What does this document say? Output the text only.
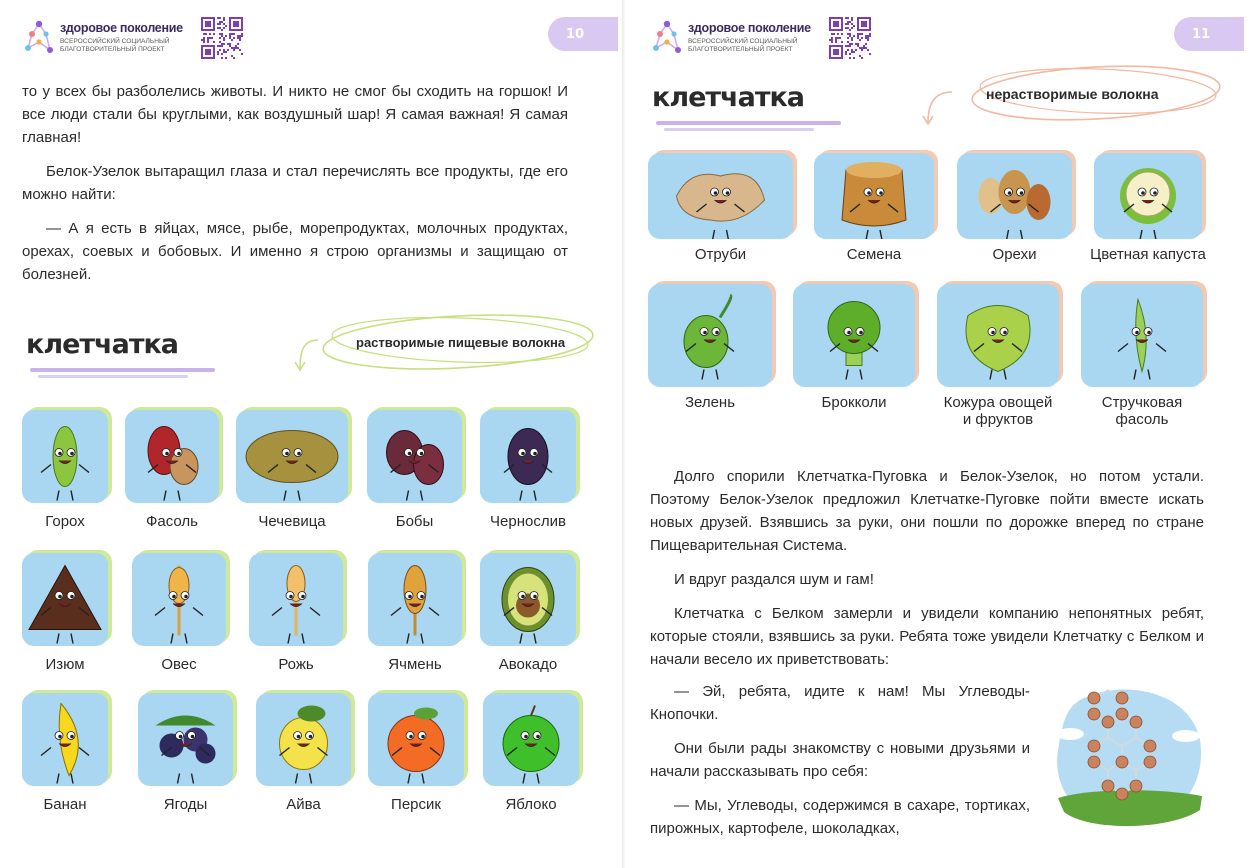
здоровое поколение
ВСЕРОССИЙСКИЙ СОЦИАЛЬНЫЙ
БЛАГОТВОРИТЕЛЬНЫЙ ПРОЕКТ
10

то у всех бы разболелись животы. И никто не смог бы сходить на горшок! И все люди стали бы круглыми, как воздушный шар! Я самая важная! Я самая главная!

Белок-Узелок вытаращил глаза и стал перечислять все продукты, где его можно найти:

— А я есть в яйцах, мясе, рыбе, морепродуктах, молочных продуктах, орехах, соевых и бобовых. И именно я строю организмы и защищаю от болезней.

клетчатка	растворимые пищевые волокна
Горох	Фасоль	Чечевица	Бобы	Чернослив
Изюм	Овес	Рожь	Ячмень	Авокадо
Банан	Ягоды	Айва	Персик	Яблоко
здоровое поколение
ВСЕРОССИЙСКИЙ СОЦИАЛЬНЫЙ
БЛАГОТВОРИТЕЛЬНЫЙ ПРОЕКТ
11
клетчатка	нерастворимые волокна
Отруби	Семена	Орехи	Цветная капуста
Зелень	Брокколи	Кожура овощей
и фруктов
Стручковая
фасоль

Долго спорили Клетчатка-Пуговка и Белок-Узелок, но потом устали. Поэтому Белок-Узелок предложил Клетчатке-Пуговке пойти вместе искать новых друзей. Взявшись за руки, они пошли по дорожке вперед по стране Пищеварительная Система.

И вдруг раздался шум и гам!

Клетчатка с Белком замерли и увидели компанию непонятных ребят, которые стояли, взявшись за руки. Ребята тоже увидели Клетчатку с Белком и начали весело их приветствовать:

— Эй, ребята, идите к нам! Мы Углеводы-Кнопочки.

Они были рады знакомству с новыми друзьями и начали рассказывать про себя:

— Мы, Углеводы, содержимся в сахаре, тортиках, пирожных, картофеле, шоколадках,
